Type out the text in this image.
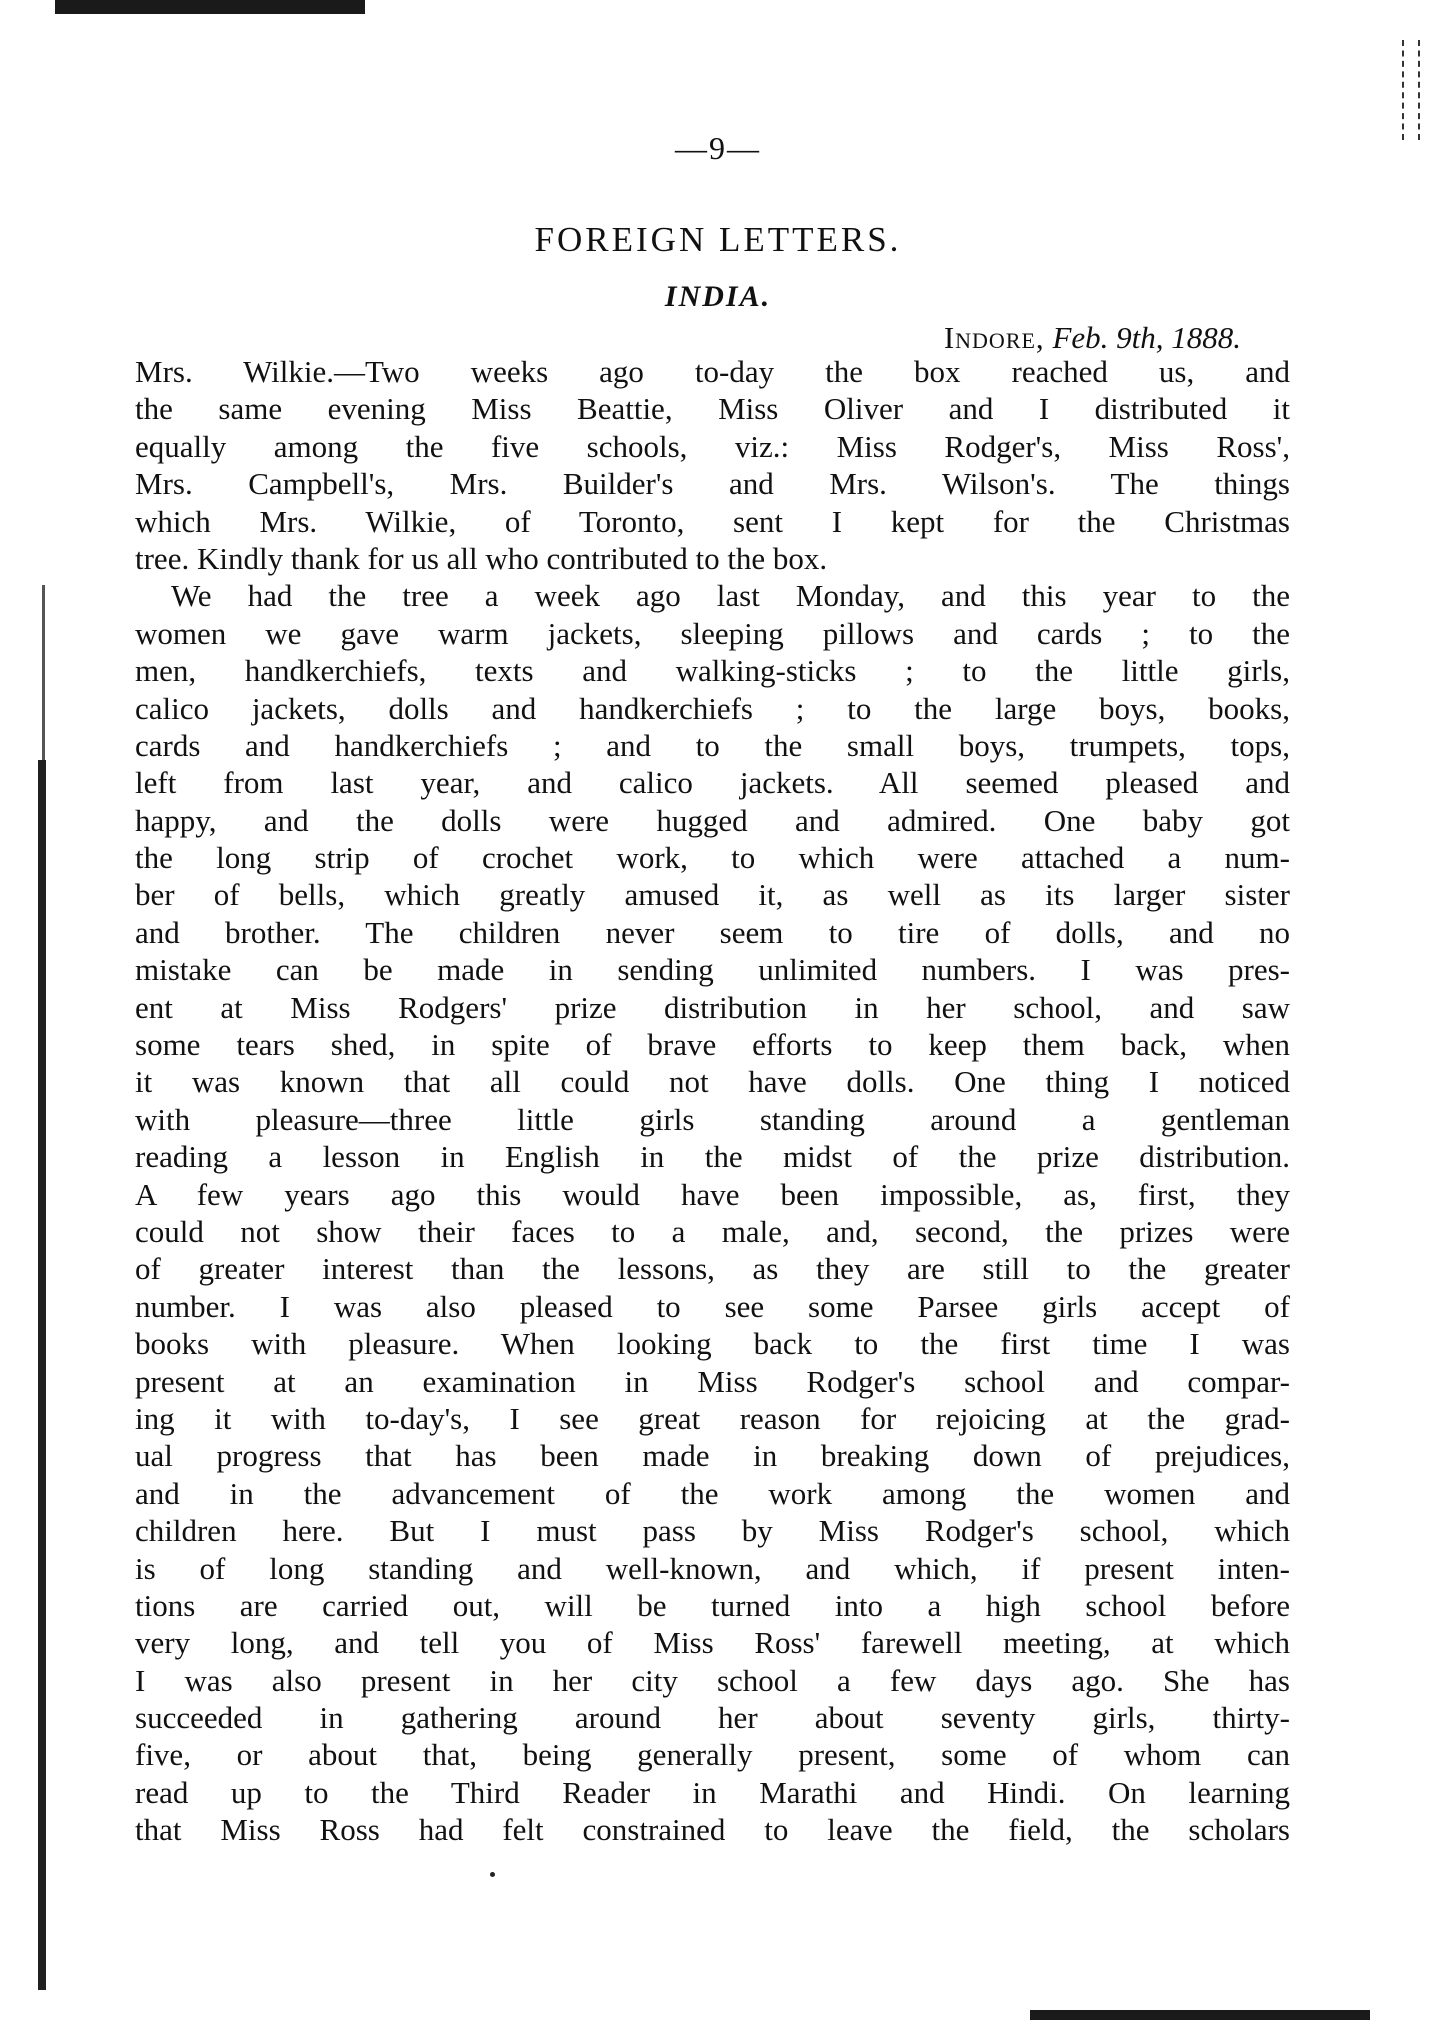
—9—
FOREIGN LETTERS.
INDIA.
Indore, Feb. 9th, 1888.
Mrs. Wilkie.—Two weeks ago to-day the box reached us, and
the same evening Miss Beattie, Miss Oliver and I distributed it
equally among the five schools, viz.: Miss Rodger's, Miss Ross',
Mrs. Campbell's, Mrs. Builder's and Mrs. Wilson's. The things
which Mrs. Wilkie, of Toronto, sent I kept for the Christmas
tree. Kindly thank for us all who contributed to the box.
We had the tree a week ago last Monday, and this year to the
women we gave warm jackets, sleeping pillows and cards ; to the
men, handkerchiefs, texts and walking-sticks ; to the little girls,
calico jackets, dolls and handkerchiefs ; to the large boys, books,
cards and handkerchiefs ; and to the small boys, trumpets, tops,
left from last year, and calico jackets. All seemed pleased and
happy, and the dolls were hugged and admired. One baby got
the long strip of crochet work, to which were attached a num-
ber of bells, which greatly amused it, as well as its larger sister
and brother. The children never seem to tire of dolls, and no
mistake can be made in sending unlimited numbers. I was pres-
ent at Miss Rodgers' prize distribution in her school, and saw
some tears shed, in spite of brave efforts to keep them back, when
it was known that all could not have dolls. One thing I noticed
with pleasure—three little girls standing around a gentleman
reading a lesson in English in the midst of the prize distribution.
A few years ago this would have been impossible, as, first, they
could not show their faces to a male, and, second, the prizes were
of greater interest than the lessons, as they are still to the greater
number. I was also pleased to see some Parsee girls accept of
books with pleasure. When looking back to the first time I was
present at an examination in Miss Rodger's school and compar-
ing it with to-day's, I see great reason for rejoicing at the grad-
ual progress that has been made in breaking down of prejudices,
and in the advancement of the work among the women and
children here. But I must pass by Miss Rodger's school, which
is of long standing and well-known, and which, if present inten-
tions are carried out, will be turned into a high school before
very long, and tell you of Miss Ross' farewell meeting, at which
I was also present in her city school a few days ago. She has
succeeded in gathering around her about seventy girls, thirty-
five, or about that, being generally present, some of whom can
read up to the Third Reader in Marathi and Hindi. On learning
that Miss Ross had felt constrained to leave the field, the scholars
